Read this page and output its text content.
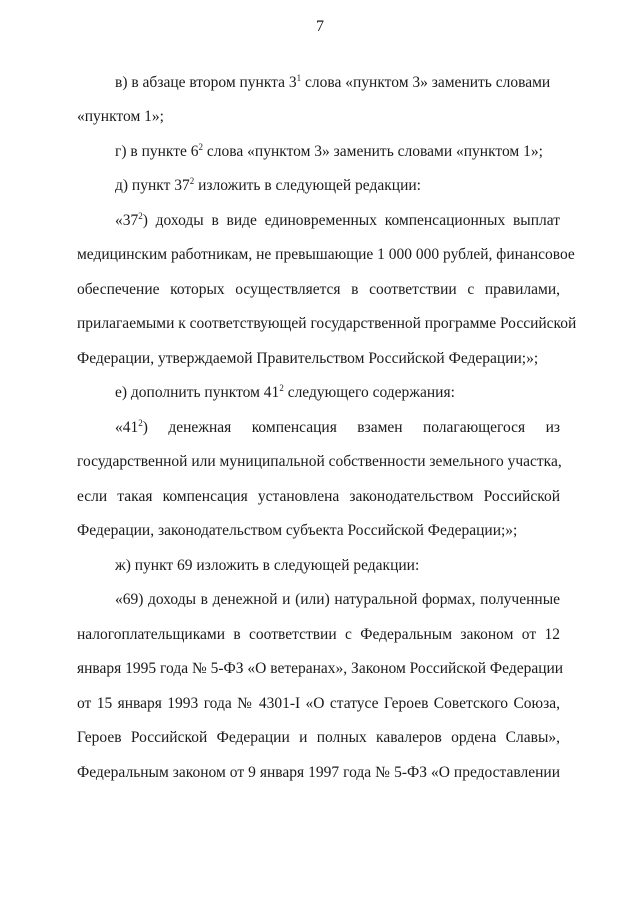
7
в) в абзаце втором пункта $3^1$ слова «пунктом 3» заменить словами
«пунктом 1»;
г) в пункте $6^2$ слова «пунктом 3» заменить словами «пунктом 1»;
д) пункт $37^2$ изложить в следующей редакции:
«$37^2$) доходы в виде единовременных компенсационных выплат
медицинским работникам, не превышающие 1 000 000 рублей, финансовое
обеспечение которых осуществляется в соответствии с правилами,
прилагаемыми к соответствующей государственной программе Российской
Федерации, утверждаемой Правительством Российской Федерации;»;
е) дополнить пунктом $41^2$ следующего содержания:
«$41^2$) денежная компенсация взамен полагающегося из
государственной или муниципальной собственности земельного участка,
если такая компенсация установлена законодательством Российской
Федерации, законодательством субъекта Российской Федерации;»;
ж) пункт 69 изложить в следующей редакции:
«69) доходы в денежной и (или) натуральной формах, полученные
налогоплательщиками в соответствии с Федеральным законом от 12
января 1995 года № 5-ФЗ «О ветеранах», Законом Российской Федерации
от 15 января 1993 года № 4301-I «О статусе Героев Советского Союза,
Героев Российской Федерации и полных кавалеров ордена Славы»,
Федеральным законом от 9 января 1997 года № 5-ФЗ «О предоставлении
